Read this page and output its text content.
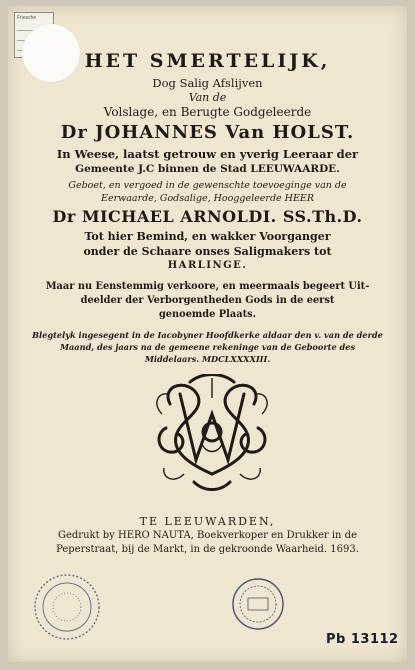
Friesche
HET SMERTELIJK,
Dog Salig Afslijven
Van de
Volslage, en Berugte Godgeleerde
Dr JOHANNES Van HOLST.
In Weese, laatst getrouw en yverig Leeraar der
Gemeente J.C binnen de Stad LEEUWAARDE.
Geboet, en vergoed in de gewenschte toevoeginge van de
Eerwaarde, Godsalige, Hooggeleerde HEER
Dr MICHAEL ARNOLDI. SS.Th.D.
Tot hier Bemind, en wakker Voorganger
onder de Schaare onses Saligmakers tot
HARLINGE.
Maar nu Eenstemmig verkoore, en meermaals begeert Uit-
deelder der Verborgentheden Gods in de eerst
genoemde Plaats.
Blegtelyk ingesegent in de Iacobyner Hoofdkerke aldaar den v. van de derde
Maand, des jaars na de gemeene rekeninge van de Geboorte des
Middelaars. MDCLXXXXIII.
TE LEEUWARDEN,
Gedrukt by HERO NAUTA, Boekverkoper en Drukker in de
Peperstraat, bij de Markt, in de gekroonde Waarheid. 1693.
Pb 13112
